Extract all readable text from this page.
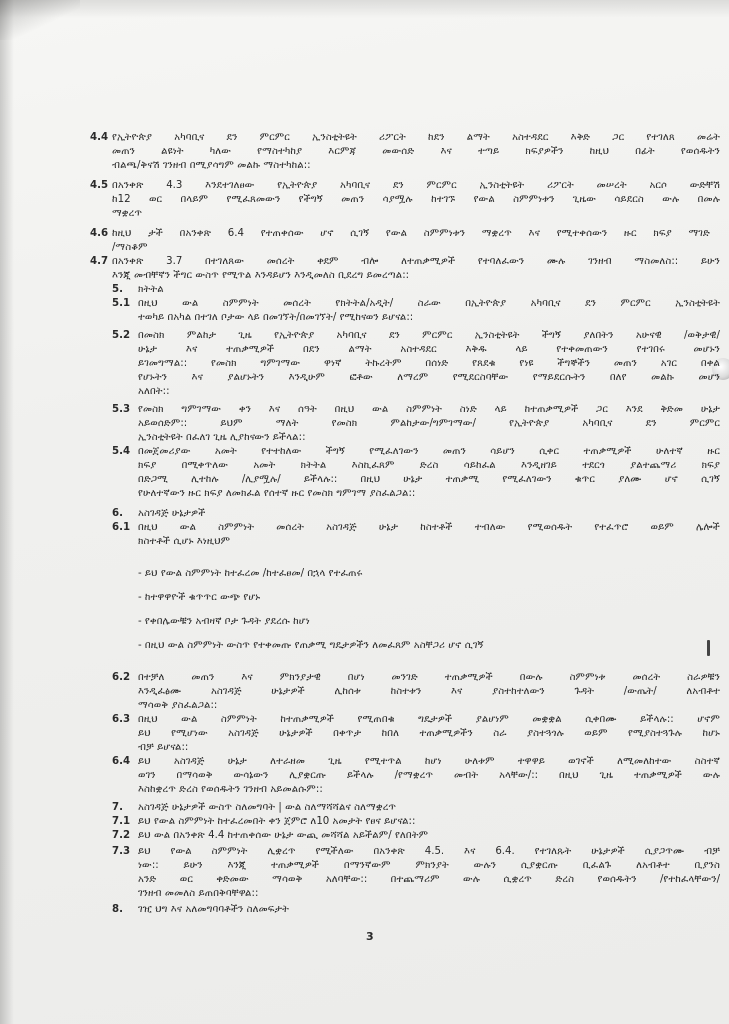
4.4 የኢትዮጵያ አካባቢና ደን ምርምር ኢንስቲትዩት ሪፖርት ከደን ልማት አስተዳደር እቅድ ጋር የተገለጸ መሬት
መጠን ልዩነት ካለው የማስተካከያ እርምጃ መውሰድ እና ተጣይ ክፍያዎችን ከዚህ በፊት የወሰዱትን
ብልጫ/ቅናሽ ገንዘብ በሚያሳግም መልኩ ማስተካከል::
4.5 በአንቀጽ 4.3 እንደተገለፀው የኢትዮጵያ አካባቢና ደን ምርምር ኢንስቲትዩት ሪፖርት መሠረት አርሶ ውድቸሽ
ከ12 ወር በላይም የሚፈጸመውን የችግኝ መጠን ሳያሟሉ ከተገኙ የውል ስምምነቱን ጊዜው ሳይደርስ ውሉ በመሉ
ማቋረጥ
4.6 ከዚህ ታች በአንቀጽ 6.4 የተጠቀሰው ሆኖ ሲገኝ የውል ስምምነቱን ማቋረጥ እና የሚተቀሰውን ዙር ክፍያ ማገድ
/ማስቆም
4.7 በአንቀጽ 3.7 በተገለጸው መሰረት ቀደም ብሎ ለተጠቃሚዎች የተባለፈውን ሙሉ ገንዘብ ማስመለስ:: ይሁን
እንጂ መብቸኛን ችግር ውስጥ የሚጥል እንዳይሆን እንዲመለስ ቢደረግ ይመረጣል::
5. ክትትል
5.1 በዚህ ውል ስምምነት መሰረት የክትትል/አዲት/ ስራው በኢትዮጵያ አካባቢና ደን ምርምር ኢንስቲትዩት
ተወካይ በአካል በተገለ ቦታው ላይ በመገኘት/በመገኘት/ የሚከናወን ይሆናል::
5.2 በመስክ ምልከታ ጊዜ የኢትዮጵያ አካባቢና ደን ምርምር ኢንስቲትዩት ችግኝ ያለበትን አሁናዊ /ወቅታዊ/
ሁኔታ እና ተጠቃሚዎች በደን ልማት አስተዳደር እቅዱ ላይ የተቀመጠውን የተገበሩ መሆኑን
ይገመግማል:: የመስክ ግምገማው ዋነኛ ትኩረትም በሰነድ የጸደቁ የነዩ ችግኞችን መጠን አገር በቀል
የሆኑትን እና ያልሆኑትን እንዲሁም ፎቶው ለማረም የሚደርስባቸው የማይደርሱትን በለየ መልኩ መሆን
አለበት::
5.3 የመስክ ግምገማው ቀን እና ሰዓት በዚህ ውል ስምምነት ስነድ ላይ ከተጠቃሚዎች ጋር እንደ ቅድመ ሁኔታ
አይወሰድም:: ይህም ማለት የመስክ ምልከታው/ግምገማው/ የኢትዮጵያ አካባቢና ደን ምርምር
ኢንስቲትዩት በፈለገ ጊዜ ሊያከናውን ይችላል::
5.4 በመጀመሪያው አመት የተተከለው ችግኝ የሚፈለገውን መጠን ሳይሆን ሲቀር ተጠቃሚዎች ሁለተኛ ዙር
ክፍያ በሚቀጥለው አመት ክትትል እስኪፈጸም ድረስ ሳይከፈል እንዲዘገይ ተደርጎ ያልተጨማሪ ክፍያ
በድጋሚ ሊተከሉ /ሊያሟሉ/ ይችላሉ:: በዚህ ሁኔታ ተጠቃሚ የሚፈለገውን ቁጥር ያለሙ ሆኖ ሲገኝ
የሁለተኛውን ዙር ክፍያ ለመክፈል የሰተኛ ዙር የመስክ ግምገማ ያስፈልጋል::
6. አስገዳጅ ሁኔታዎች
6.1 በዚህ ውል ስምምነት መሰረት አስገዳጅ ሁኔታ ከስተቶች ተብለው የሚወሰዱት የተፈጥሮ ወይም ሌሎች
ክስተቶች ሲሆኑ እነዚህም
- ይህ የውል ስምምነት ከተፈረመ /ከተፈፀመ/ በኋላ የተፈጠሩ
- ከተዋዋዮች ቁጥጥር ውጭ የሆኑ
- የቀበሌውቹን አብዛኛ ቦታ ጉዳት ያደረሱ ከሆነ
- በዚህ ውል ስምምነት ውስጥ የተቀመጡ የጠቃሚ ግዴታዎችን ለመፈጸም አስቸጋሪ ሆኖ ሲገኝ
6.2 በተቻለ መጠን እና ምክንያታዊ በሆነ መንገድ ተጠቃሚዎች በውሉ ስምምነቱ መሰረት ስራዎቹን
እንዲፈፅሙ አስገዳጅ ሁኔታዎች ሊከሰቱ ከስተቱን እና ያስተከተለውን ጉዳት /ውጤት/ ለአብቶተ
ማሳወቅ ያስፈልጋል::
6.3 በዚህ ውል ስምምነት ከተጠቃሚዎች የሚጠበቁ ግዴታዎች ያልሆነም መቋቋል ሲቀበሙ ይችላሉ:: ሆኖም
ይህ የሚሆነው አስገዳጅ ሁኔታዎች በቀጥታ ከበለ ተጠቃሚዎችን ስራ ያስተጓጎሉ ወይም የሚያስተጓጉሉ ከሆኑ
ብቻ ይሆናል::
6.4 ይህ አስገዳጅ ሁኔታ ለተራዘመ ጊዜ የሚተጥል ከሆነ ሁለቱም ተዋዋይ ወገኖች ለሚመለከተው ስስተኛ
ወገን በማሳወቅ ውሳኔውን ሊያቋርጡ ይችላሉ /የማቋረጥ መብት አላቸው/:: በዚህ ጊዜ ተጠቃሚዎች ውሉ
እስከቋረጥ ድረስ የወሰዱትን ገንዘብ አይመልሱም::
7. አስገዳጅ ሁኔታዎች ውስጥ ስለመግባት | ውል ስለማሻሻልና ስለማቋረጥ
7.1 ይህ የውል ስምምነት ከተፈረመበት ቀን ጀምሮ ለ10 አመታት የፀና ይሆናል::
7.2 ይህ ውል በአንቀጽ 4.4 ከተጠቀሰው ሁኔታ ውጪ መሻሻል አይችልም/ የለበትም
7.3 ይህ የውል ስምምነት ሊቋረጥ የሚችለው በአንቀጽ 4.5. እና 6.4. የተገለጹት ሁኔታዎች ሲያጋጥሙ ብቻ
ነው:: ይሁን እንጂ ተጠቃሚዎች በማንኛውም ምክንያት ውሉን ሲያቋርጡ ቢፈልጉ ለአብቶተ ቢያንስ
አንድ ወር ቀድመው ማሳወቅ አለባቸው:: በተጨማሪም ውሉ ሲቋረጥ ድረስ የወሰዱትን /የተከፈላቸውን/
ገንዘብ መመለስ ይጠበቅባቸዋል::
8. ገዢ ህግ እና አለመግባባቶችን ስለመፍታት
3
